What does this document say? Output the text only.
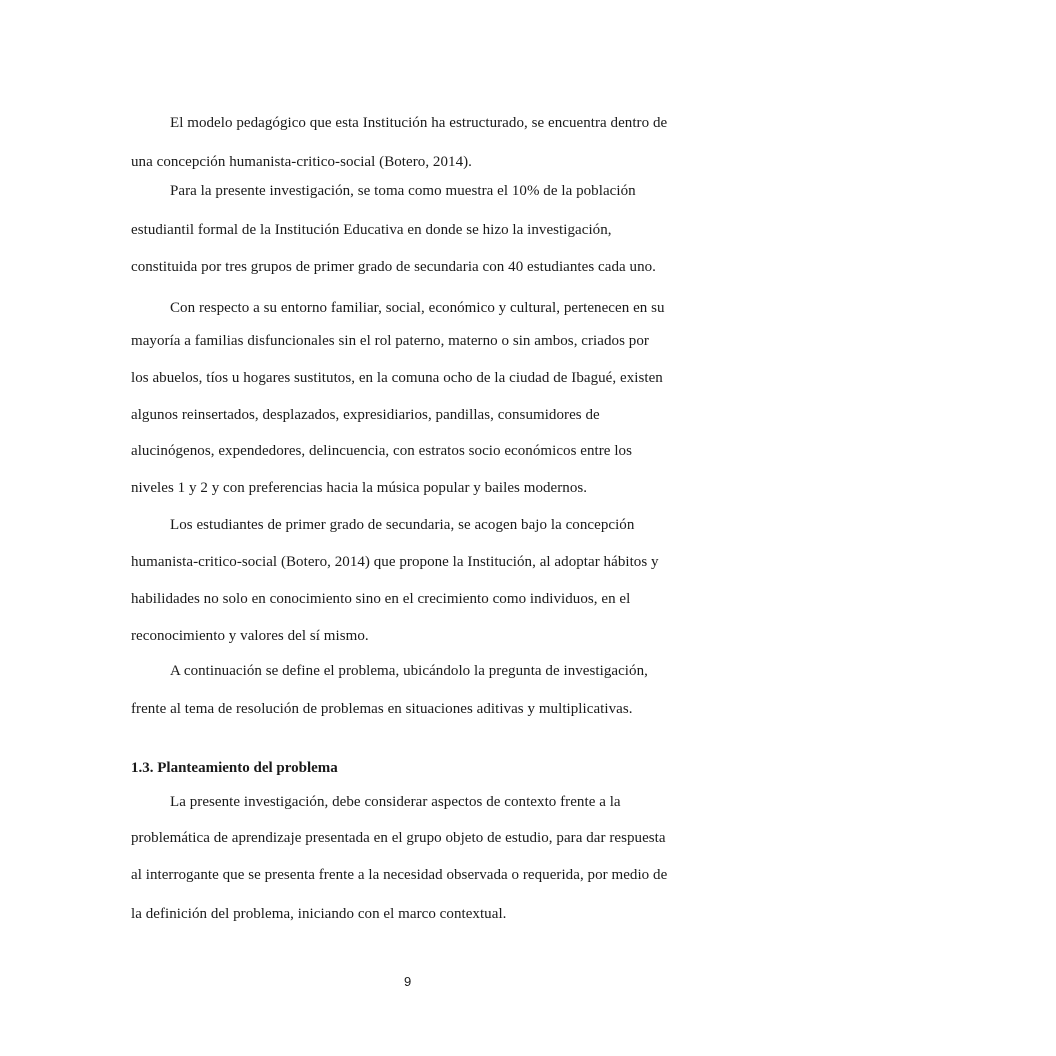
El modelo pedagógico que esta Institución ha estructurado, se encuentra dentro de
una concepción humanista-critico-social (Botero, 2014).
Para la presente investigación, se toma como muestra el 10% de la población
estudiantil formal de la Institución Educativa en donde se hizo la investigación,
constituida por tres grupos de primer grado de secundaria con 40 estudiantes cada uno.
Con respecto a su entorno familiar, social, económico y cultural, pertenecen en su
mayoría a familias disfuncionales sin el rol paterno, materno o sin ambos, criados por
los abuelos, tíos u hogares sustitutos, en la comuna ocho de la ciudad de Ibagué, existen
algunos reinsertados, desplazados, expresidiarios, pandillas, consumidores de
alucinógenos, expendedores, delincuencia, con estratos socio económicos entre los
niveles 1 y 2 y con preferencias hacia la música popular y bailes modernos.
Los estudiantes de primer grado de secundaria, se acogen bajo la concepción
humanista-critico-social (Botero, 2014) que propone la Institución, al adoptar hábitos y
habilidades no solo en conocimiento sino en el crecimiento como individuos, en el
reconocimiento y valores del sí mismo.
A continuación se define el problema, ubicándolo la pregunta de investigación,
frente al tema de resolución de problemas en situaciones aditivas y multiplicativas.
1.3. Planteamiento del problema
La presente investigación, debe considerar aspectos de contexto frente a la
problemática de aprendizaje presentada en el grupo objeto de estudio, para dar respuesta
al interrogante que se presenta frente a la necesidad observada o requerida, por medio de
la definición del problema, iniciando con el marco contextual.
9
